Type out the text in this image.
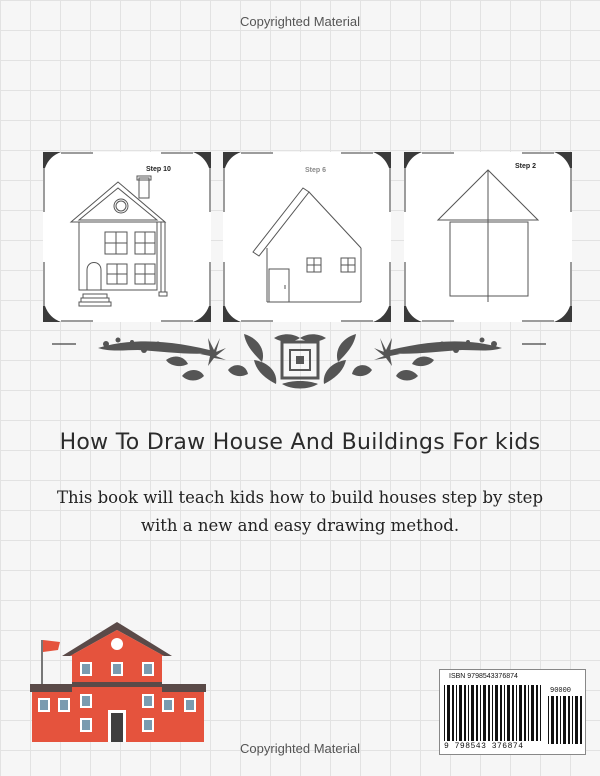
Copyrighted Material
Step 10	Step 6
Step 2
How To Draw House And Buildings For kids
This book will teach kids how to build houses step by step
with a new and easy drawing method.
ISBN 9798543376874
90000
9 798543 376874
Copyrighted Material
